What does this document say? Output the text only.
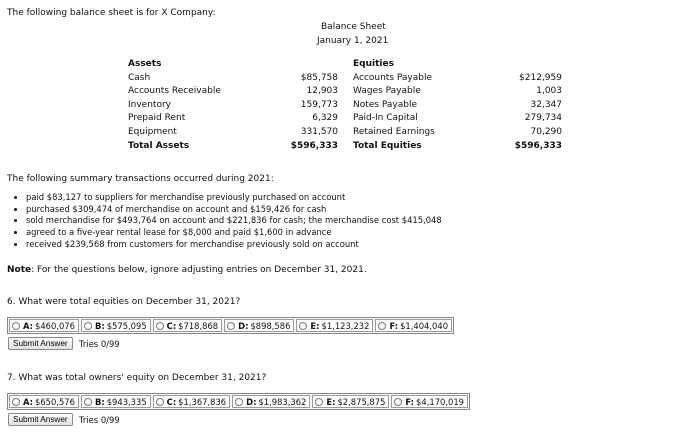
The following balance sheet is for X Company:
Balance Sheet
January 1, 2021
Assets
Cash
Accounts Receivable
Inventory
Prepaid Rent
Equipment
Total Assets

$85,758
12,903
159,773
6,329
331,570
$596,333
Equities
Accounts Payable
Wages Payable
Notes Payable
Paid-In Capital
Retained Earnings
Total Equities

$212,959
1,003
32,347
279,734
70,290
$596,333
The following summary transactions occurred during 2021:
• paid $83,127 to suppliers for merchandise previously purchased on account
• purchased $309,474 of merchandise on account and $159,426 for cash
• sold merchandise for $493,764 on account and $221,836 for cash; the merchandise cost $415,048
• agreed to a five-year rental lease for $8,000 and paid $1,600 in advance
• received $239,568 from customers for merchandise previously sold on account
Note: For the questions below, ignore adjusting entries on December 31, 2021.
6. What were total equities on December 31, 2021?
A: $460,076 B: $575,095 C: $718,868 D: $898,586 E: $1,123,232 F: $1,404,040
Submit Answer	Tries 0/99
7. What was total owners' equity on December 31, 2021?
A: $650,576 B: $943,335 C: $1,367,836 D: $1,983,362 E: $2,875,875 F: $4,170,019
Submit Answer	Tries 0/99
